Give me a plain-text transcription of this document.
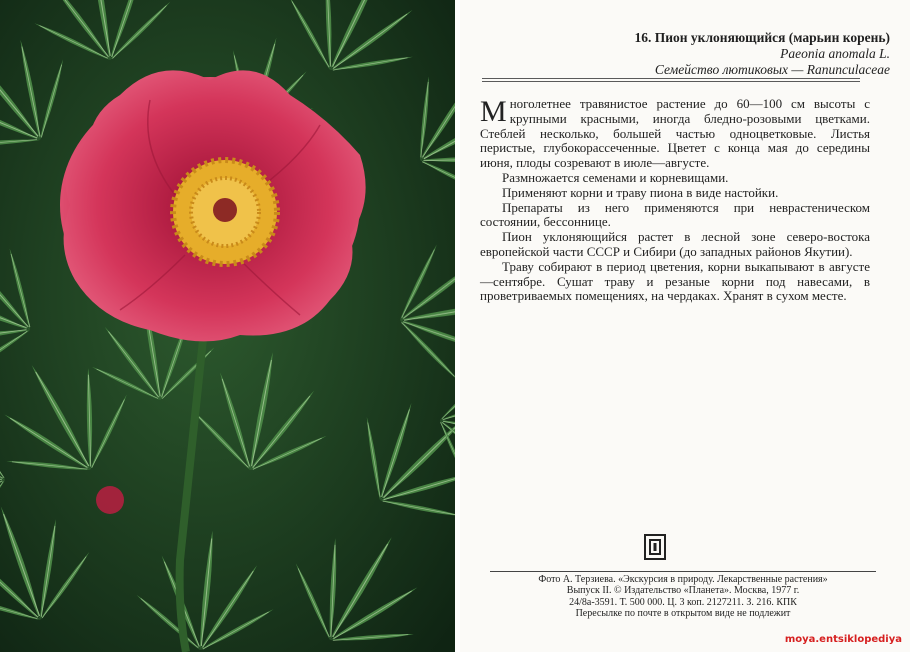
16. Пион уклоняющийся (марьин корень)
Paeonia anomala L.
Семейство лютиковых — Ranunculaceae

Многолетнее травянистое растение до 60—100 см высоты с крупными красными, иногда бледно-розовыми цветками. Стеблей несколько, большей частью одноцветковые. Листья перистые, глубокорассеченные. Цветет с конца мая до середины июня, плоды созревают в июле—августе.

Размножается семенами и корневищами.

Применяют корни и траву пиона в виде настойки.

Препараты из него применяются при неврастеническом состоянии, бессоннице.

Пион уклоняющийся растет в лесной зоне северо-востока европейской части СССР и Сибири (до западных районов Якутии).

Траву собирают в период цветения, корни выкапывают в августе—сентябре. Сушат траву и резаные корни под навесами, в проветриваемых помещениях, на чердаках. Хранят в сухом месте.

Фото А. Терзиева. «Экскурсия в природу. Лекарственные растения»
Выпуск II. © Издательство «Планета». Москва, 1977 г.
24/8а-3591. Т. 500 000. Ц. 3 коп. 2127211. З. 216. КПК
Пересылке по почте в открытом виде не подлежит
moya.entsiklopediya
